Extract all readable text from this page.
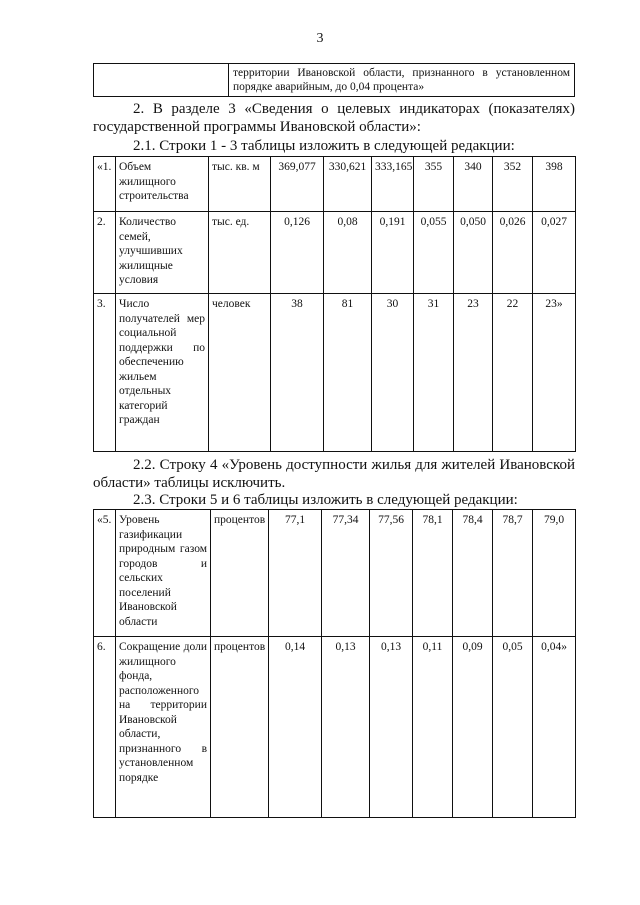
3
	территории Ивановской области, признанного в установленном порядке аварийным, до 0,04 процента»
2. В разделе 3 «Сведения о целевых индикаторах (показателях)
государственной программы Ивановской области»:
2.1. Строки 1 - 3 таблицы изложить в следующей редакции:
«1.	Объем жилищного строительства	тыс. кв. м	369,077	330,621	333,165	355	340	352	398
2.	Количество семей, улучшивших жилищные условия	тыс. ед.	0,126	0,08	0,191	0,055	0,050	0,026	0,027
3.	Число получателей мер социальной поддержки по обеспечению жильем отдельных категорий граждан	человек	38	81	30	31	23	22	23»
2.2. Строку 4 «Уровень доступности жилья для жителей Ивановской
области» таблицы исключить.
2.3. Строки 5 и 6 таблицы изложить в следующей редакции:
«5.	Уровень газификации природным газом городов и сельских поселений Ивановской области	процентов	77,1	77,34	77,56	78,1	78,4	78,7	79,0
6.	Сокращение доли жилищного фонда, расположенного на территории Ивановской области, признанного в установленном порядке	процентов	0,14	0,13	0,13	0,11	0,09	0,05	0,04»
